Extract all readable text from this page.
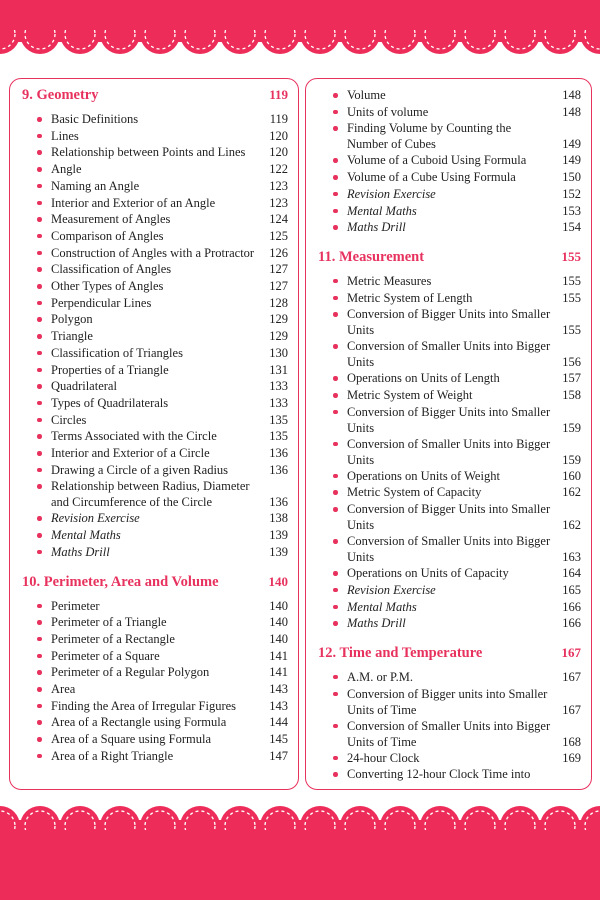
9. Geometry	119
Basic Definitions	119
Lines	120
Relationship between Points and Lines	120
Angle	122
Naming an Angle	123
Interior and Exterior of an Angle	123
Measurement of Angles	124
Comparison of Angles	125
Construction of Angles with a Protractor	126
Classification of Angles	127
Other Types of Angles	127
Perpendicular Lines	128
Polygon	129
Triangle	129
Classification of Triangles	130
Properties of a Triangle	131
Quadrilateral	133
Types of Quadrilaterals	133
Circles	135
Terms Associated with the Circle	135
Interior and Exterior of a Circle	136
Drawing a Circle of a given Radius	136
Relationship between Radius, Diameter and Circumference of the Circle	136
Revision Exercise	138
Mental Maths	139
Maths Drill	139
10. Perimeter, Area and Volume	140
Perimeter	140
Perimeter of a Triangle	140
Perimeter of a Rectangle	140
Perimeter of a Square	141
Perimeter of a Regular Polygon	141
Area	143
Finding the Area of Irregular Figures	143
Area of a Rectangle using Formula	144
Area of a Square using Formula	145
Area of a Right Triangle	147
Volume	148
Units of volume	148
Finding Volume by Counting the Number of Cubes	149
Volume of a Cuboid Using Formula	149
Volume of a Cube Using Formula	150
Revision Exercise	152
Mental Maths	153
Maths Drill	154
11. Measurement	155
Metric Measures	155
Metric System of Length	155
Conversion of Bigger Units into Smaller Units	155
Conversion of Smaller Units into Bigger Units	156
Operations on Units of Length	157
Metric System of Weight	158
Conversion of Bigger Units into Smaller Units	159
Conversion of Smaller Units into Bigger Units	159
Operations on Units of Weight	160
Metric System of Capacity	162
Conversion of Bigger Units into Smaller Units	162
Conversion of Smaller Units into Bigger Units	163
Operations on Units of Capacity	164
Revision Exercise	165
Mental Maths	166
Maths Drill	166
12. Time and Temperature	167
A.M. or P.M.	167
Conversion of Bigger units into Smaller Units of Time	167
Conversion of Smaller Units into Bigger Units of Time	168
24-hour Clock	169
Converting 12-hour Clock Time into
